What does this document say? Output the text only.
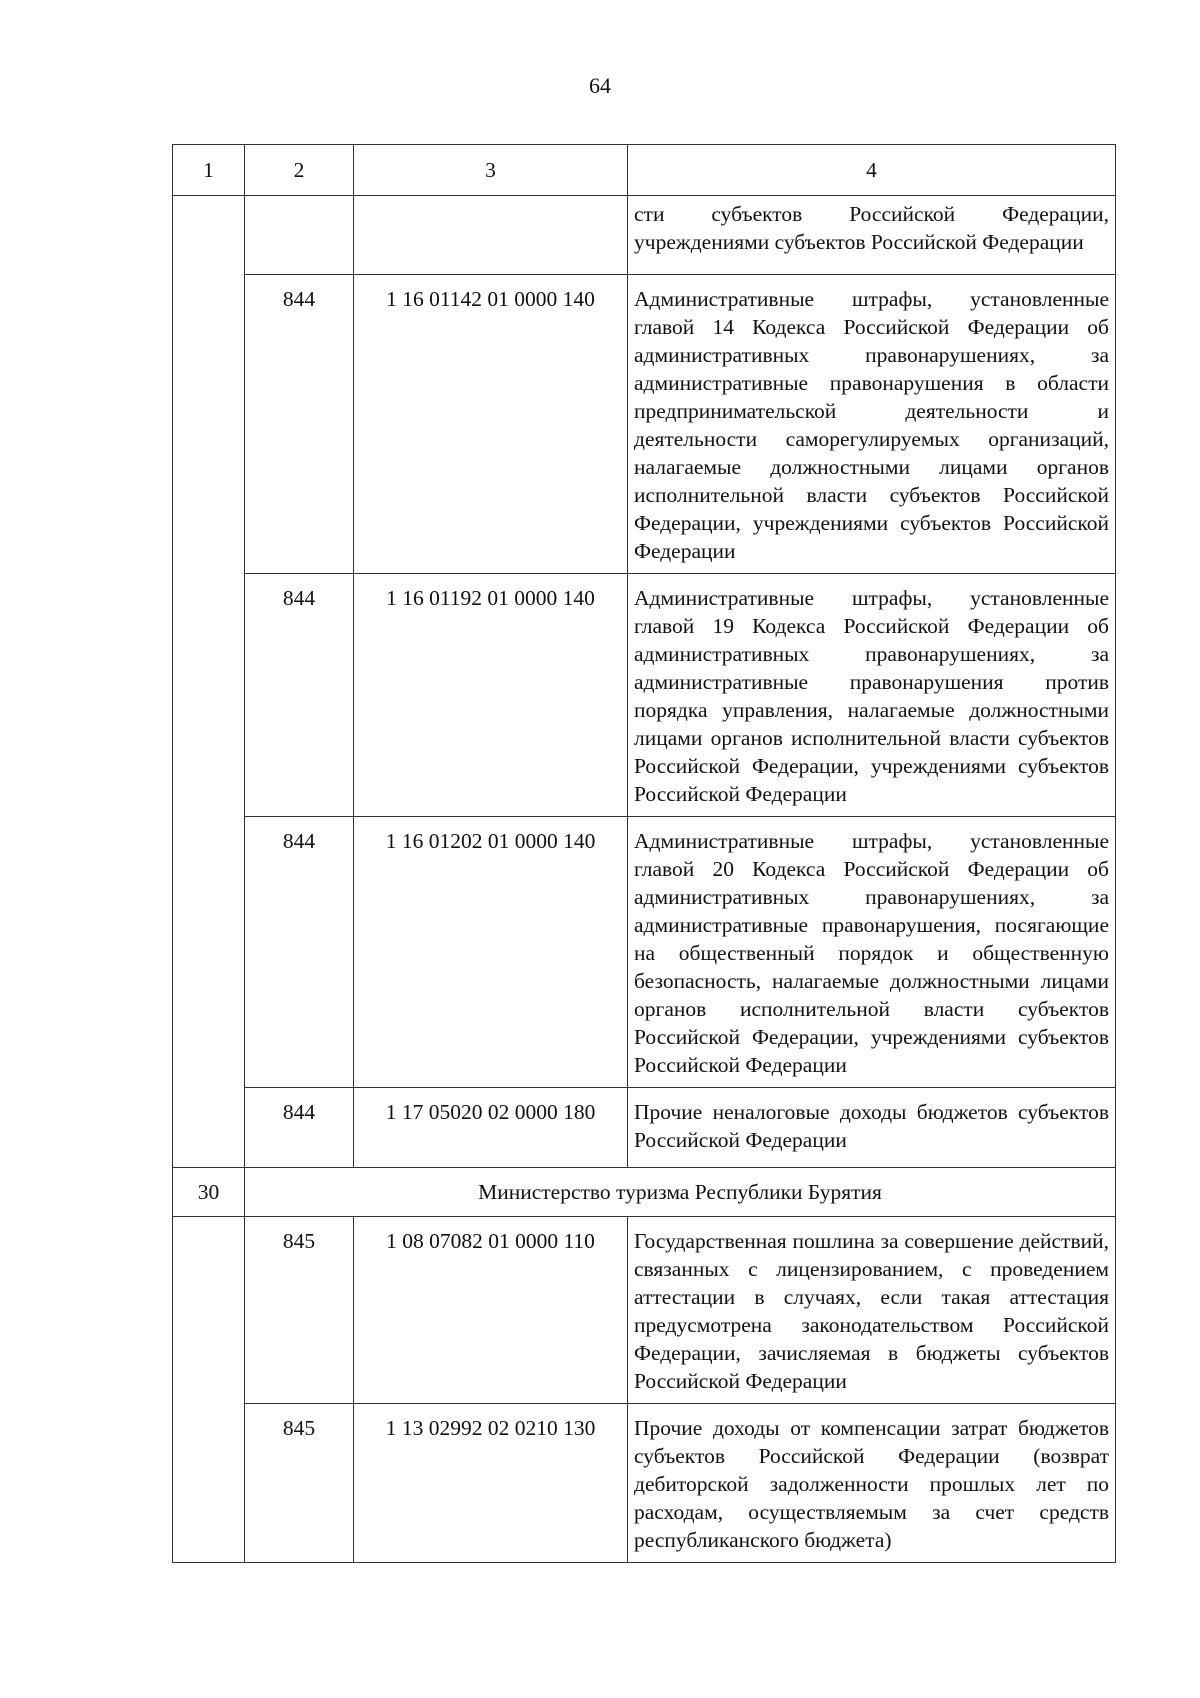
64
1	2	3	4
			сти субъектов Российской Федерации, учреждениями субъектов Российской Федерации
	844	1 16 01142 01 0000 140	Административные штрафы, установленные главой 14 Кодекса Российской Федерации об административных правонарушениях, за административные правонарушения в области предпринимательской деятельности и деятельности саморегулируемых организаций, налагаемые должностными лицами органов исполнительной власти субъектов Российской Федерации, учреждениями субъектов Российской Федерации
	844	1 16 01192 01 0000 140	Административные штрафы, установленные главой 19 Кодекса Российской Федерации об административных правонарушениях, за административные правонарушения против порядка управления, налагаемые должностными лицами органов исполнительной власти субъектов Российской Федерации, учреждениями субъектов Российской Федерации
	844	1 16 01202 01 0000 140	Административные штрафы, установленные главой 20 Кодекса Российской Федерации об административных правонарушениях, за административные правонарушения, посягающие на общественный порядок и общественную безопасность, налагаемые должностными лицами органов исполнительной власти субъектов Российской Федерации, учреждениями субъектов Российской Федерации
	844	1 17 05020 02 0000 180	Прочие неналоговые доходы бюджетов субъектов Российской Федерации
30	Министерство туризма Республики Бурятия		
	845	1 08 07082 01 0000 110	Государственная пошлина за совершение действий, связанных с лицензированием, с проведением аттестации в случаях, если такая аттестация предусмотрена законодательством Российской Федерации, зачисляемая в бюджеты субъектов Российской Федерации
	845	1 13 02992 02 0210 130	Прочие доходы от компенсации затрат бюджетов субъектов Российской Федерации (возврат дебиторской задолженности прошлых лет по расходам, осуществляемым за счет средств республиканского бюджета)
